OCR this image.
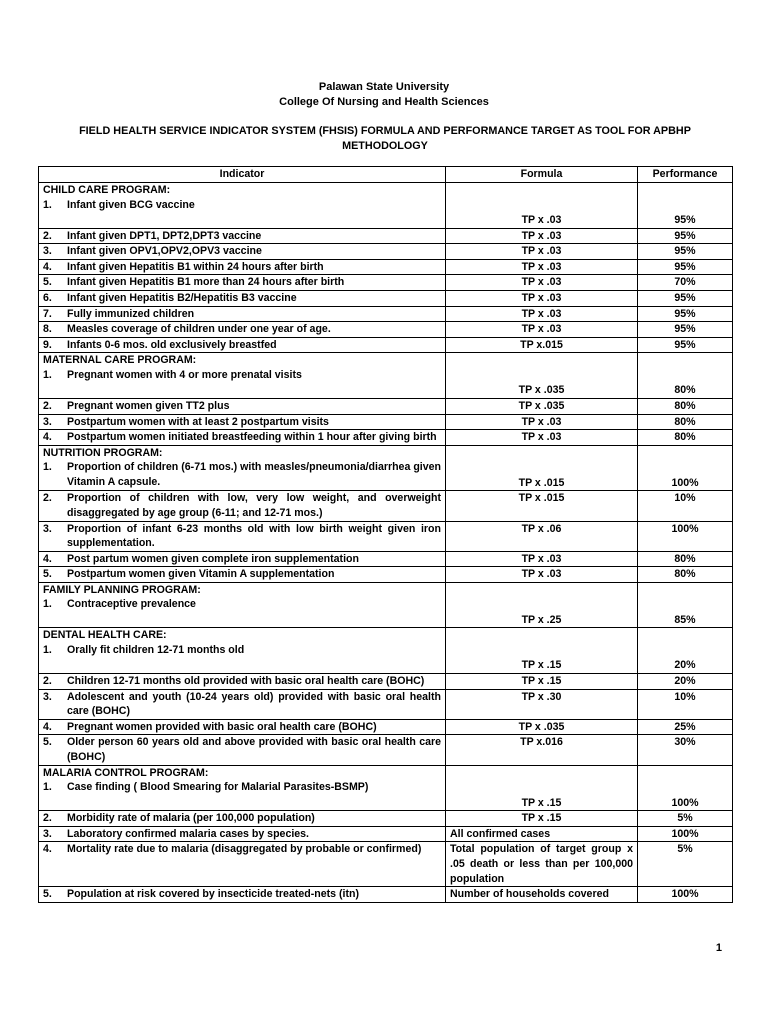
Palawan State University
College Of Nursing and Health Sciences
FIELD HEALTH SERVICE INDICATOR SYSTEM (FHSIS) FORMULA AND PERFORMANCE TARGET AS TOOL FOR APBHP METHODOLOGY
Indicator	Formula	Performance
CHILD CARE PROGRAM:
1. Infant given BCG vaccine	TP x .03	95%

2. Infant given DPT1, DPT2,DPT3 vaccine	TP x .03	95%

3. Infant given OPV1,OPV2,OPV3 vaccine	TP x .03	95%

4. Infant given Hepatitis B1 within 24 hours after birth	TP x .03	95%

5. Infant given Hepatitis B1 more than 24 hours after birth	TP x .03	70%

6. Infant given Hepatitis B2/Hepatitis B3 vaccine	TP x .03	95%

7. Fully immunized children	TP x .03	95%

8. Measles coverage of children under one year of age.	TP x .03	95%

9. Infants 0-6 mos. old exclusively breastfed	TP x.015	95%
MATERNAL CARE PROGRAM:
1. Pregnant women with 4 or more prenatal visits	TP x .035	80%

2. Pregnant women given TT2 plus	TP x .035	80%

3. Postpartum women with at least 2 postpartum visits	TP x .03	80%

4. Postpartum women initiated breastfeeding within 1 hour after giving birth	TP x .03	80%
NUTRITION PROGRAM:
1. Proportion of children (6-71 mos.) with measles/pneumonia/diarrhea given Vitamin A capsule.	TP x .015	100%

2. Proportion of children with low, very low weight, and overweight disaggregated by age group (6-11; and 12-71 mos.)	TP x .015	10%

3. Proportion of infant 6-23 months old with low birth weight given iron supplementation.	TP x .06	100%

4. Post partum women given complete iron supplementation	TP x .03	80%

5. Postpartum women given Vitamin A supplementation	TP x .03	80%
FAMILY PLANNING PROGRAM:
1. Contraceptive prevalence	TP x .25	85%
DENTAL HEALTH CARE:
1. Orally fit children 12-71 months old	TP x .15	20%

2. Children 12-71 months old provided with basic oral health care (BOHC)	TP x .15	20%

3. Adolescent and youth (10-24 years old) provided with basic oral health care (BOHC)	TP x .30	10%

4. Pregnant women provided with basic oral health care (BOHC)	TP x .035	25%

5. Older person 60 years old and above provided with basic oral health care (BOHC)	TP x.016	30%
MALARIA CONTROL PROGRAM:
1. Case finding ( Blood Smearing for Malarial Parasites-BSMP)	TP x .15	100%

2. Morbidity rate of malaria (per 100,000 population)	TP x .15	5%

3. Laboratory confirmed malaria cases by species.	All confirmed cases	100%

4. Mortality rate due to malaria (disaggregated by probable or confirmed)	Total population of target group x .05 death or less than per 100,000 population	5%

5. Population at risk covered by insecticide treated-nets (itn)	Number of households covered	100%
1
